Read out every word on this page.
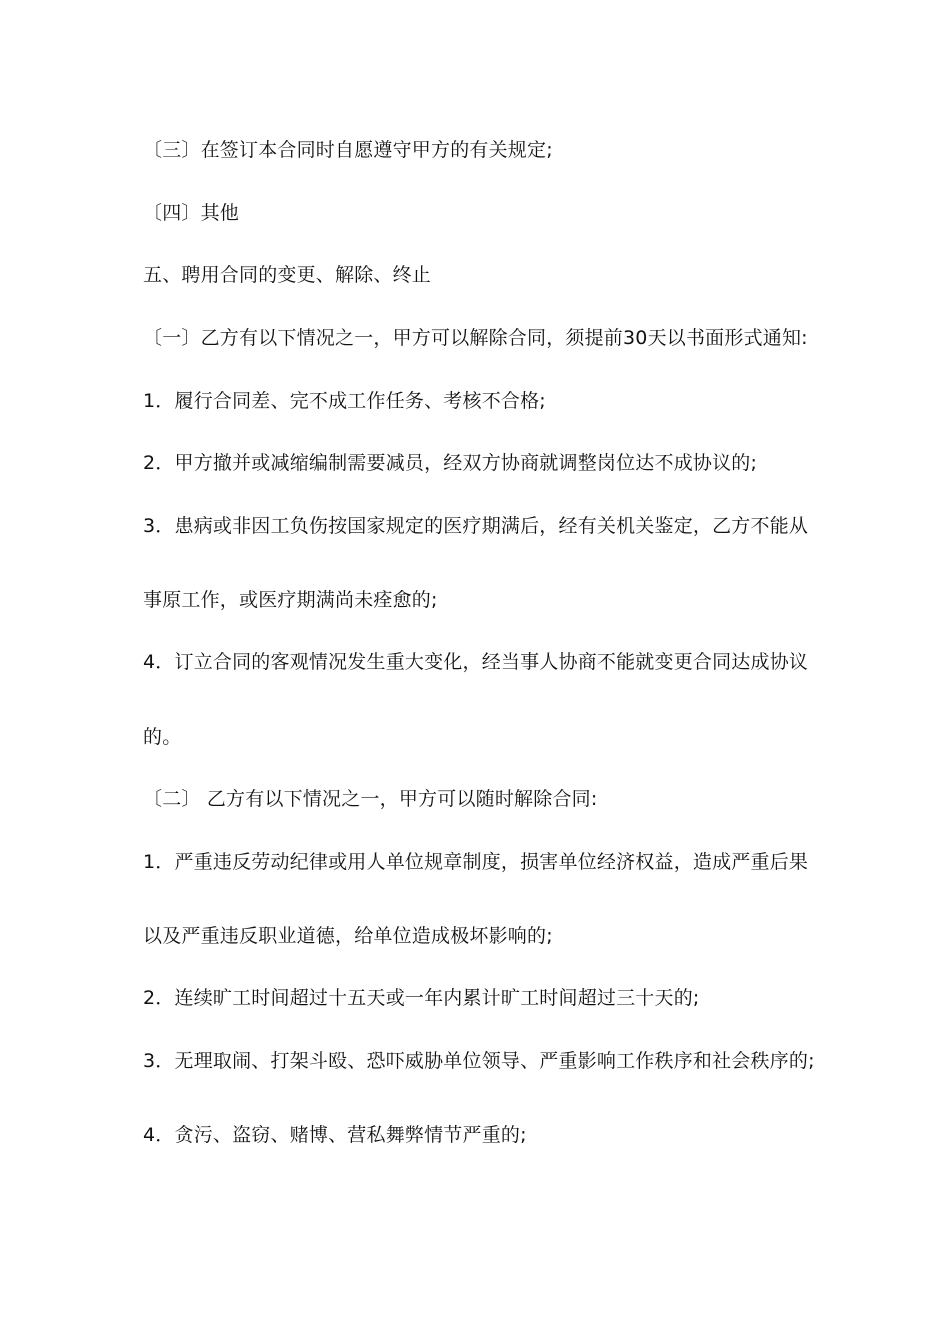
〔三〕在签订本合同时自愿遵守甲方的有关规定;
〔四〕其他
五、聘用合同的变更、解除、终止
〔一〕乙方有以下情况之一，甲方可以解除合同，须提前30天以书面形式通知:
1．履行合同差、完不成工作任务、考核不合格;
2．甲方撤并或减缩编制需要减员，经双方协商就调整岗位达不成协议的;
3．患病或非因工负伤按国家规定的医疗期满后，经有关机关鉴定，乙方不能从
事原工作，或医疗期满尚未痊愈的;
4．订立合同的客观情况发生重大变化，经当事人协商不能就变更合同达成协议
的。
〔二〕 乙方有以下情况之一，甲方可以随时解除合同:
1．严重违反劳动纪律或用人单位规章制度，损害单位经济权益，造成严重后果
以及严重违反职业道德，给单位造成极坏影响的;
2．连续旷工时间超过十五天或一年内累计旷工时间超过三十天的;
3．无理取闹、打架斗殴、恐吓威胁单位领导、严重影响工作秩序和社会秩序的;
4．贪污、盗窃、赌博、营私舞弊情节严重的;
